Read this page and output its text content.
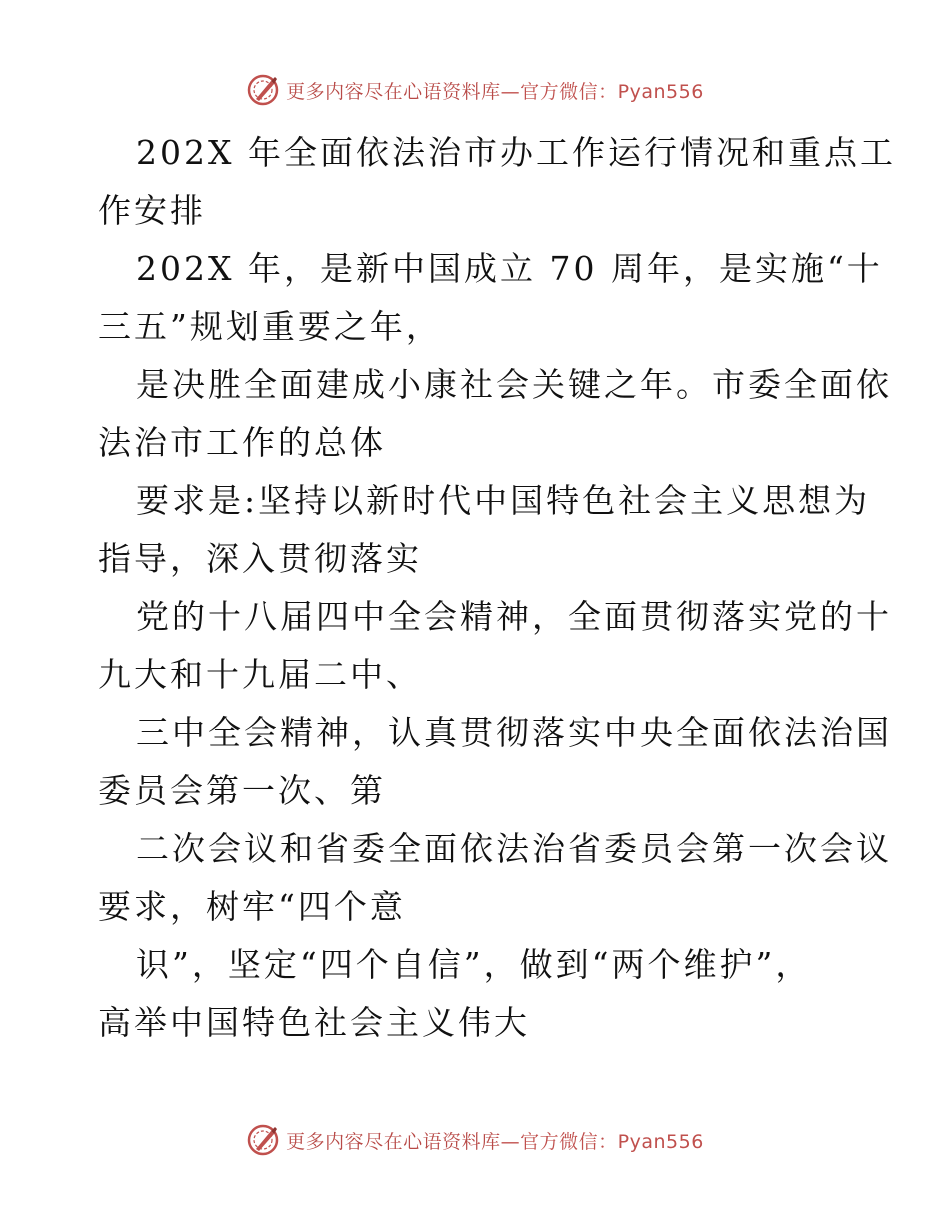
更多内容尽在心语资料库—官方微信：Pyan556
202X 年全面依法治市办工作运行情况和重点工
作安排
202X 年，是新中国成立 70 周年，是实施“十
三五”规划重要之年，
是决胜全面建成小康社会关键之年。市委全面依
法治市工作的总体
要求是:坚持以新时代中国特色社会主义思想为
指导，深入贯彻落实
党的十八届四中全会精神，全面贯彻落实党的十
九大和十九届二中、
三中全会精神，认真贯彻落实中央全面依法治国
委员会第一次、第
二次会议和省委全面依法治省委员会第一次会议
要求，树牢“四个意
识”，坚定“四个自信”，做到“两个维护”，
高举中国特色社会主义伟大
更多内容尽在心语资料库—官方微信：Pyan556
